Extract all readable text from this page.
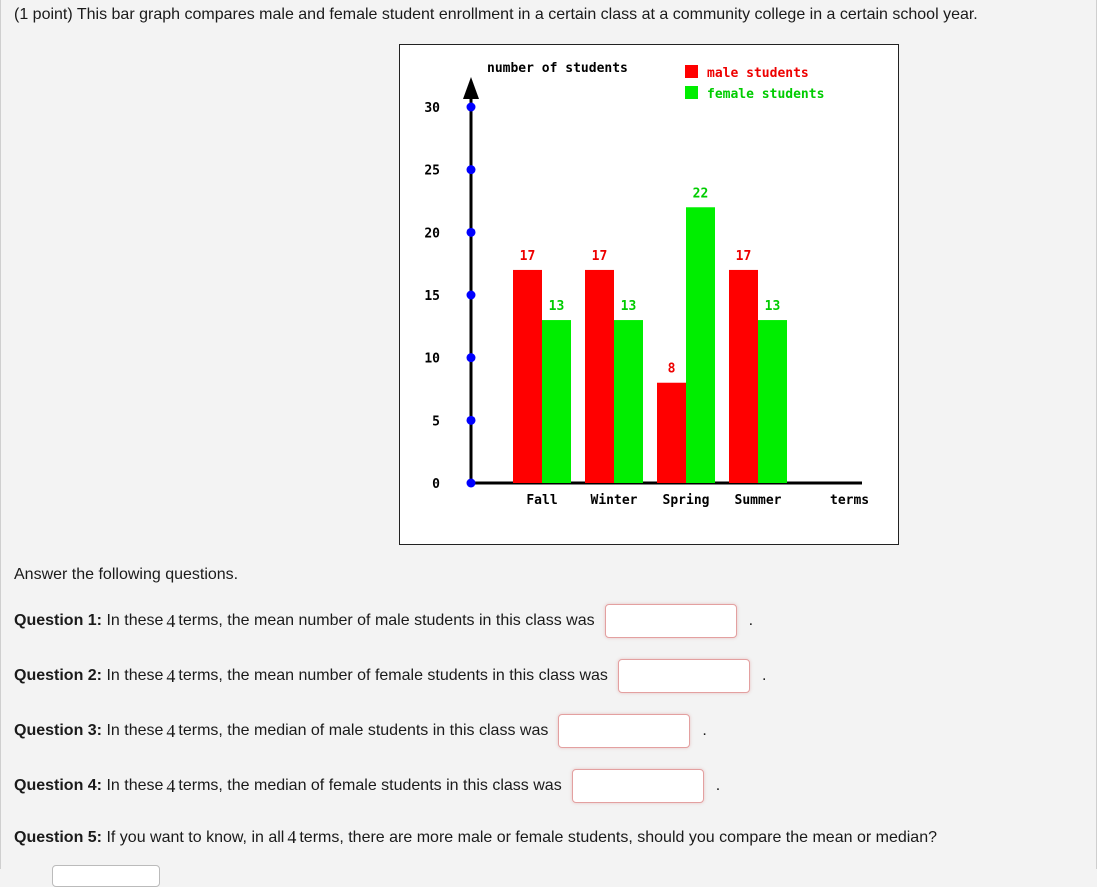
(1 point) This bar graph compares male and female student enrollment in a certain class at a community college in a certain school year.
0
5
10
15
20
25
30
number of students
terms
17
13
Fall
17
13
Winter
8
22
Spring
17
13
Summer
male students
female students
Answer the following questions.
Question 1:
In these 4 terms, the mean number of male students in this class was	.
Question 2:
In these 4 terms, the mean number of female students in this class was	.
Question 3:
In these 4 terms, the median of male students in this class was	.
Question 4:
In these 4 terms, the median of female students in this class was	.
Question 5:
If you want to know, in all 4 terms, there are more male or female students, should you compare the mean or median?
